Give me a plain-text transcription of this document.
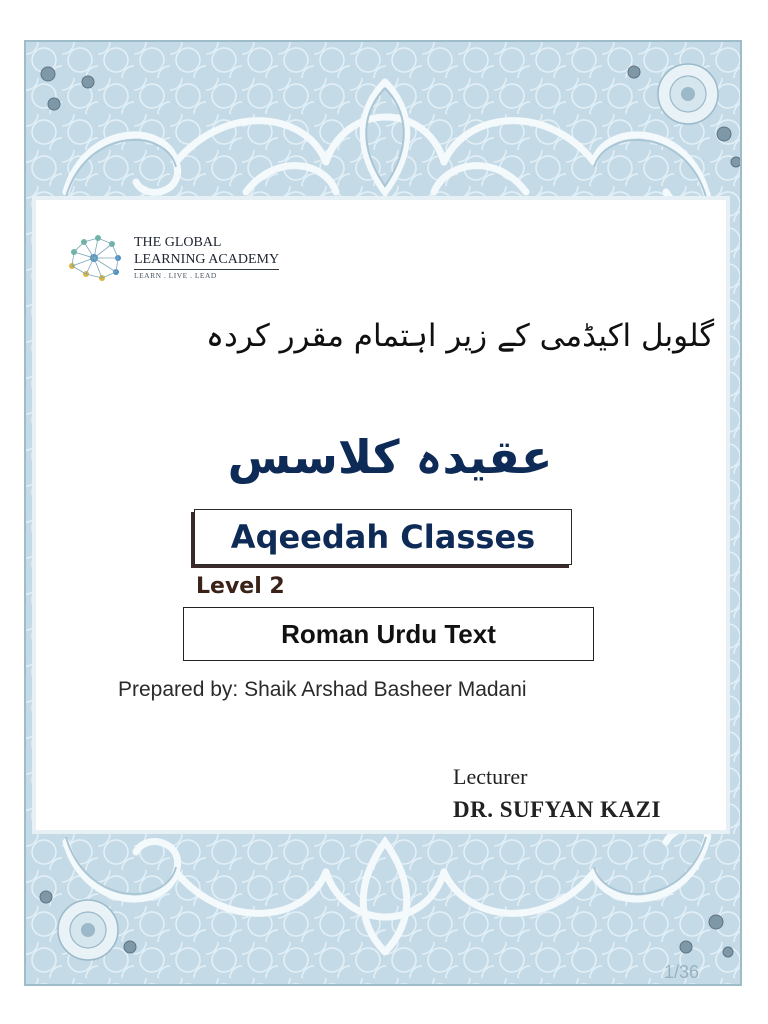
THE GLOBAL

LEARNING ACADEMY
LEARN . LIVE . LEAD
گلوبل اکیڈمی کے زیر اہتمام مقرر کردہ
عقیدہ کلاسس
Aqeedah Classes
Level 2
Roman Urdu Text
Prepared by: Shaik Arshad Basheer Madani
Lecturer
DR. SUFYAN KAZI
1/36
